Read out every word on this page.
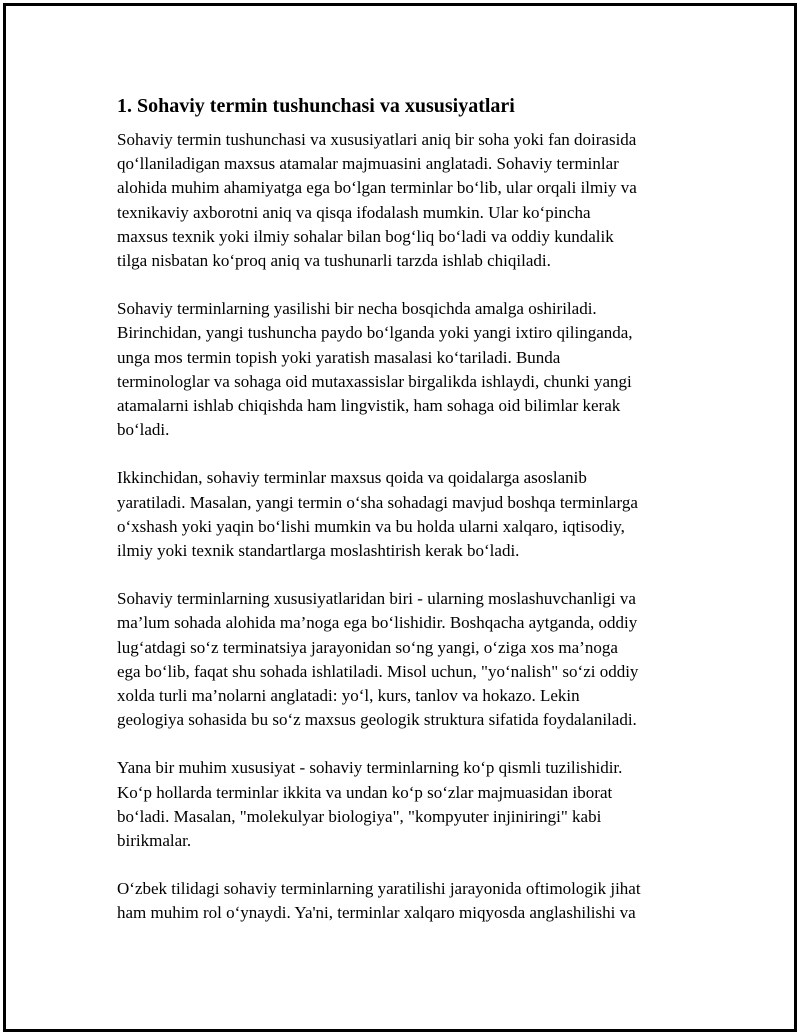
1. Sohaviy termin tushunchasi va xususiyatlari

Sohaviy termin tushunchasi va xususiyatlari aniq bir soha yoki fan doirasida
qo‘llaniladigan maxsus atamalar majmuasini anglatadi. Sohaviy terminlar
alohida muhim ahamiyatga ega bo‘lgan terminlar bo‘lib, ular orqali ilmiy va
texnikaviy axborotni aniq va qisqa ifodalash mumkin. Ular ko‘pincha
maxsus texnik yoki ilmiy sohalar bilan bog‘liq bo‘ladi va oddiy kundalik
tilga nisbatan ko‘proq aniq va tushunarli tarzda ishlab chiqiladi.

Sohaviy terminlarning yasilishi bir necha bosqichda amalga oshiriladi.
Birinchidan, yangi tushuncha paydo bo‘lganda yoki yangi ixtiro qilinganda,
unga mos termin topish yoki yaratish masalasi ko‘tariladi. Bunda
terminologlar va sohaga oid mutaxassislar birgalikda ishlaydi, chunki yangi
atamalarni ishlab chiqishda ham lingvistik, ham sohaga oid bilimlar kerak
bo‘ladi.

Ikkinchidan, sohaviy terminlar maxsus qoida va qoidalarga asoslanib
yaratiladi. Masalan, yangi termin o‘sha sohadagi mavjud boshqa terminlarga
o‘xshash yoki yaqin bo‘lishi mumkin va bu holda ularni xalqaro, iqtisodiy,
ilmiy yoki texnik standartlarga moslashtirish kerak bo‘ladi.

Sohaviy terminlarning xususiyatlaridan biri - ularning moslashuvchanligi va
ma’lum sohada alohida ma’noga ega bo‘lishidir. Boshqacha aytganda, oddiy
lug‘atdagi so‘z terminatsiya jarayonidan so‘ng yangi, o‘ziga xos ma’noga
ega bo‘lib, faqat shu sohada ishlatiladi. Misol uchun, "yo‘nalish" so‘zi oddiy
xolda turli ma’nolarni anglatadi: yo‘l, kurs, tanlov va hokazo. Lekin
geologiya sohasida bu so‘z maxsus geologik struktura sifatida foydalaniladi.

Yana bir muhim xususiyat - sohaviy terminlarning ko‘p qismli tuzilishidir.
Ko‘p hollarda terminlar ikkita va undan ko‘p so‘zlar majmuasidan iborat
bo‘ladi. Masalan, "molekulyar biologiya", "kompyuter injiniringi" kabi
birikmalar.

O‘zbek tilidagi sohaviy terminlarning yaratilishi jarayonida oftimologik jihat
ham muhim rol o‘ynaydi. Ya'ni, terminlar xalqaro miqyosda anglashilishi va
